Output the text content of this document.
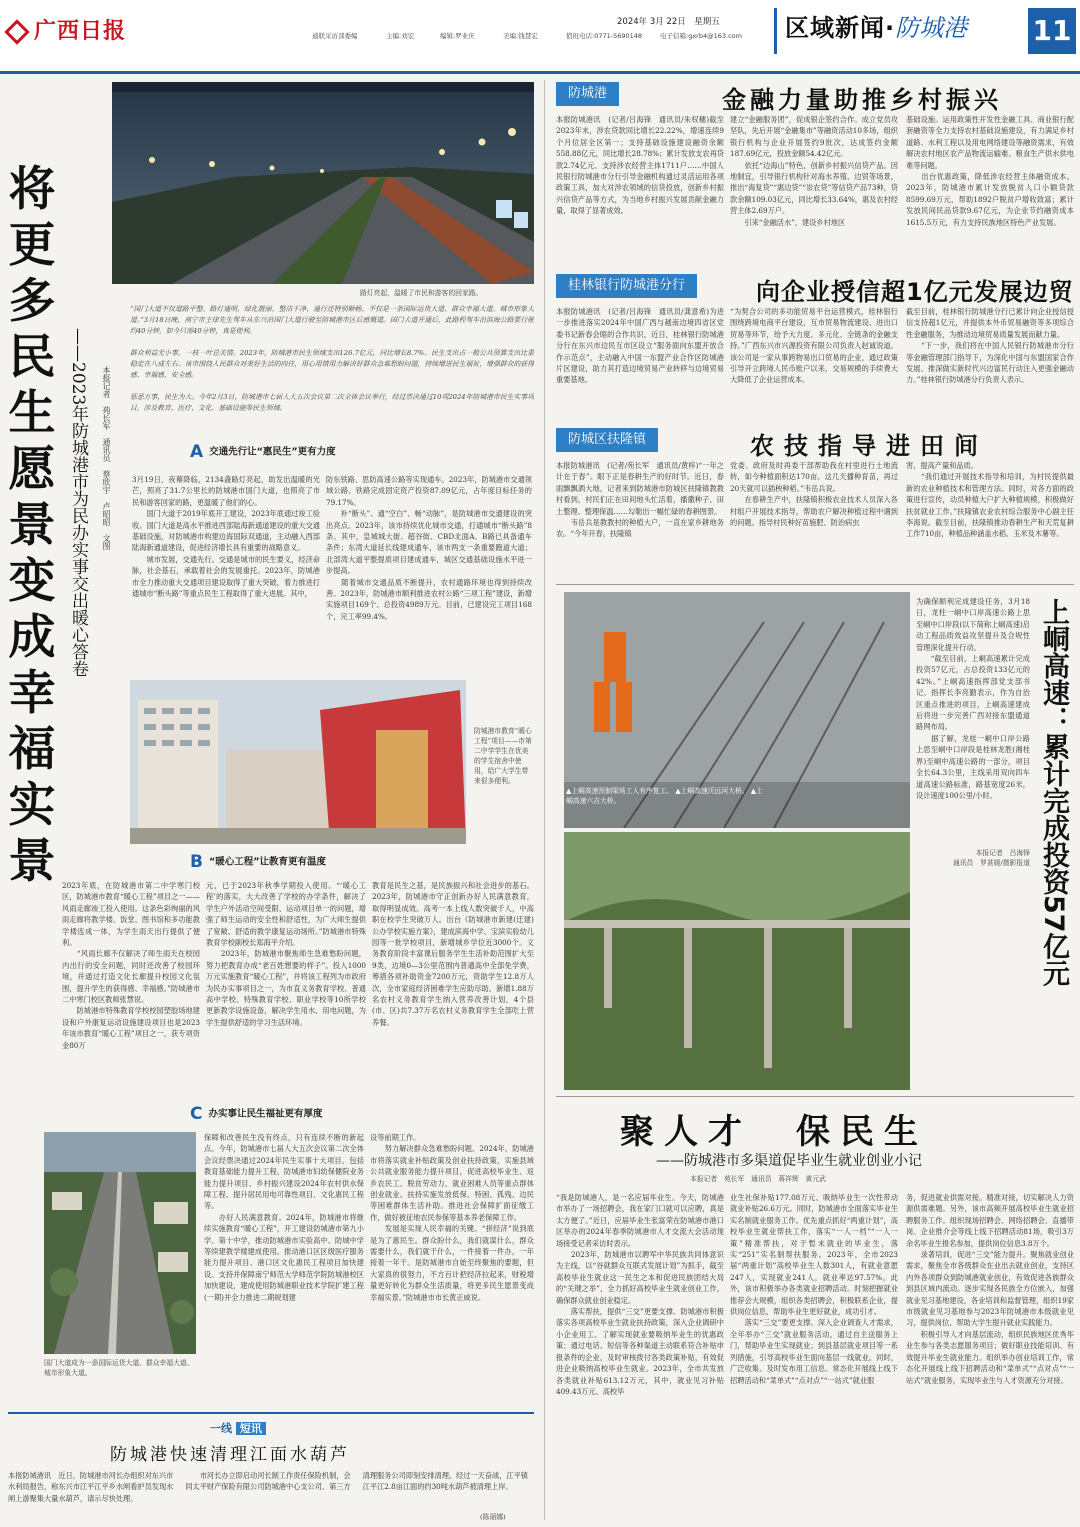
广西日报	通联采访部委编	主编:刘宏	编辑:罗业庆	美编:钱慧宏	值班电话:0771-5690148	电子信箱:gxrb4@163.com
2024年 3月 22日　星期五	区域新闻·防城港	11
将更多民生愿景变成幸福实景
——2023年防城港市为民办实事交出暖心答卷	本报记者　苑长军　通讯员　蔡欣宇　卢昭昭　文图
路灯亮起，温暖了市民和游客的回家路。
“国门大道不仅道路平整、路灯通明、绿化靓丽、整洁干净，通行还特别顺畅。不仅是一条国际运货大道、群众幸福大道、城市形象大道。”3月18日晚，南宁市主律先生驾车从东兴沿国门大道行驶至防城港市区后感慨道。国门大道开通后，此路程驾车沿滨海公路要行驶约40分钟，如今只需40分钟，真是便利。

群众利益无小事，一枝一叶总关情。2023年，防城港市民生领域支出126.7亿元，同比增长8.7%。民生支出占一般公共预算支出比重稳定在八成左右。该市围绕人民群众对美好生活的向往，用心用情用力解决好群众急难愁盼问题，持续增进民生福祉，增强群众的获得感、幸福感、安全感。

惩恶万事，民生为大。今年2月3日，防城港市七届人大五次会议第二次全体会议举行，经过票决通过10项2024年防城港市民生实事项目，涉及教育、医疗、文化、基础设施等民生领域。
A交通先行让“惠民生”更有力度
3月19日，夜幕降临，2134盏路灯亮起，助发出温暖的光芒，照亮了31.7公里长的防城港市国门大道，也照亮了市民和游客回家的路，更温暖了他们的心。
　　国门大道于2019年底开工建设，2023年底通过竣工验收。国门大道是高水平推进西部陆海新通道建设的重大交通基础设施，对防城港市构建边海国际双通道，主动融入西部陆海新通道建设，促进经济增长具有重要的战略意义。
　　城市发展，交通先行。交通是城市的民生要义，经济命脉，社会基石，承载着社会的发展重托。2023年，防城港市全力推动重大交通项目建设取得了重大突破，着力推进打通城市“断头路”等重点民生工程取得了重大进展。其中，
防东铁路、思防高速公路等实现通车。2023年，防城港市交通领域公路、铁路完成固定资产投资87.09亿元，占年度目标任务的79.17%。
　　补“断头”、通“空白”、畅“动脉”，是防城港市交通建设的突出亮点。2023年，该市持续优化城市交通，打通城市“断头路”8条。其中，皇城城大街、超谷街、CBD北面A、B路已具备通车条件；东湾大道延长线建成通车，该市两支一条重要跑道大道；北部湾大道平整提质项目建成通车，城区交通基础设施水平进一步提高。
　　随着城市交通品质不断提升，农村通路环境也得到持续改善。2023年，防城港市顺利推进农村公路“三项工程”建设，新增实施项目169个、总投资4989万元。目前，已建设完工项目168个，完工率99.4%。
防城港市教育“暖心工程”项目——市第二中学学生在优美的学生宿舍中使用，给广大学生带来很多便利。
B “暖心工程”让教育更有温度
2023年底，在防城港市第二中学寒门校区，防城港市教育“暖心工程”项目之一——风雨走廊竣工投入使用。这条色彩绚丽的风雨走廊将教学楼、饭堂、图书馆和多功能教学楼连成一体，为学生雨天出行提供了便利。
　　“风雨长廊不仅解决了师生雨天在校园内出行的安全问题，同时还改善了校园环境，并通过打造文化长廊提升校园文化氛围，提升学生的获得感、幸福感。”防城港市二中寒门校区教师张慧说。
　　防城港市特殊教育学校校园塑胶场地建设和户外康复运动设施建设项目也是2023年该市教育“暖心工程”项目之一，获专项资金80万
元，已于2023年秋季学期投入使用。“‘暖心工程’的落实，大大改善了学校的办学条件，解决了学生户外活动空间受限、运动项目单一的问题，增强了师生运动的安全性和舒适性，为广大师生提供了宽敞、舒适的教学康复运动场所。”防城港市特殊教育学校副校长郑海平介绍。
　　2023年，防城港市聚焦师生急难愁盼问题，努力把教育办成“老百姓想要的样子”。投入1000万元实施教育“暖心工程”，并将该工程列为市政府为民办实事项目之一，为市直义务教育学校、普通高中学校、特殊教育学校、职业学校等10所学校更新教学设施设备，解决学生用水、用电问题，为学生提供舒适的学习生活环境。
教育是民生之基，是民族振兴和社会进步的基石。2023年，防城港市守正创新办好人民满意教育，取得明显成效。高考一本上线人数突破千人，中高职在校学生突破万人。出台《防城港市新建(迁建)公办学校实施方案》，建成滨海中学、宝滨实验幼儿园等一批学校项目，新增城乡学位近3000个。义务教育阶段丰富课后服务学生生活补助范围扩大至9类，边境0—3公里范围内普通高中全部免学费，筹措各项补助资金7200万元，资助学生12.8万人次，全市家庭经济困难学生应助尽助。新增1.88万名农村义务教育学生纳入营养改善计划，4个县(市、区)共7.37万名农村义务教育学生全部吃上营养餐。
C办实事让民生福祉更有厚度
国门大道成为一条国际运货大道、群众幸福大道、城市形象大道。
保障和改善民生没有终点，只有连续不断的新起点。今年，防城港市七届人大五次会议第二次全体会议经票决通过2024年民生实事十大项目，包括教育基础能力提升工程、防城港市妇幼保健院业务能力提升项目、乡村振兴建设2024年农村供水保障工程、提升居民用电可靠性项目、文化惠民工程等。
　　办好人民满意教育。2024年，防城港市将继续实施教育“暖心工程”，开工建设防城港市第九小学、第十中学，推动防城港市实验高中、防城中学等续建教学楼建成使用。推动港口区区级医疗服务能力提升项目、港口区文化惠民工程项目加快建设。支持并保障南宁师范大学师范学院防城港校区加快建设，建成使用防城港职业技术学院扩建工程(一期)并全力推进二期规划建
设等前期工作。
　　努力解决群众急难愁盼问题。2024年，防城港市将落实就业补贴政策及创业扶持政策，实施县域公共就业服务能力提升项目，促进高校毕业生、返乡农民工、脱贫劳动力、就业困难人员等重点群体创业就业。扶持实施发放低保、特困、孤残、边民等困难群体生活补助。推进社会保障扩面征缴工作，做好被征地农民参保等基本养老保障工作。
　　发展是实现人民幸福的关键。“拼经济”说到底是为了惠民生。群众盼什么，我们就谋什么，群众需要什么，我们就干什么，一件接着一件办，一年接着一年干。是防城港市自始至终聚焦的要题，但大家真的很努力，不方百计把经济拉起来，财税增量更好转化为群众生活质量，将更多民生愿景变成幸福实景。”防城港市市长黄正威说。
一线 短讯
防城港快速清理江面水葫芦
本报防城港讯　近日，防城港市河长办组织对东兴市水利局报告，称东兴市江平江平乡水闸看护员发现水闸上游聚集大量水葫芦，请示尽快处理。
　　市河长办立即启动河长制工作责任保险机制，会同太平财产保险有限公司防城港中心支公司、第三方清理服务公司即刻安排清理。经过一天奋战，江平镇江平江2.8亩江面的约30吨水葫芦被清理上岸。
(陈丽娜)
防城港	金融力量助推乡村振兴
本报防城港讯　(记者/吕海锋　通讯员/朱权穗)截至2023年末，涉农贷款同比增长22.22%，增速连续9个月位居全区第一；支持基础设施建设融资余额558.88亿元，同比增长28.78%；累计发放支农再贷款2.74亿元、支持涉农经营主体1711户……中国人民银行防城港市分行引导金融机构通过灵活运用各项政策工具，加大对涉农领域的信贷投放，创新乡村振兴信贷产品等方式，为当地乡村振兴发展贡献金融力量，取得了显著成效。
建立“金融服务团”，促成银企签约合作。成立党员攻坚队，先后开展“金融集市”等融资活动10多场，组织银行机构与企业开展签约9批次，达成签约金额187.69亿元，投放金额54.42亿元。
　　依托“边海山”特色，创新乡村振兴信贷产品。因地制宜，引导银行机构针对海水养殖、边贸等场景，推出“海复贷”“惠边贷”“崇农贷”等信贷产品73种，贷款余额109.03亿元，同比增长33.64%，惠及农村经营主体2.69万户。
　　引来“金融活水”，建设乡村地区
基础设施。运用政策性开发性金融工具、商业银行配套融资等全力支持农村基础设施建设，有力满足乡村道路、水利工程以及用电网络建设等融资需求，有效解决农村地区农产品物流运输难、粮食生产供水供电难等问题。
　　出台优惠政策，降低涉农经营主体融资成本。2023年，防城港市累计发放脱贫人口小额贷款8599.69万元，帮助1892户脱贫户增收致富；累计发放民间民品贷款9.67亿元，为企业节约融资成本1615.5万元，有力支持民族地区特色产业发展。
桂林银行防城港分行	向企业授信超1亿元发展边贸
本报防城港讯　(记者/吕海锋　通讯员/龚意希)为进一步推进落实2024年中国广西与越南边境四省区党委书记新春会晤的合作共识，近日，桂林银行防城港分行在东兴市边民互市区设立“服务面向东盟开放合作示范点”，主动融入中国一东盟产业合作区防城港片区建设，助力其打造边境贸易产业转移与边境贸易重要基地。
“为契合公司的多功能贸易平台运营模式，桂林银行围绕跨境电商平台建设，互市贸易物流建设、进出口贸易等环节，给予大力度、多元化、全链条的金融支持。”广西东兴市兴源投资有限公司负责人赵诚说道。该公司是一家从事跨物易出口贸易的企业，通过政策引导开立跨境人民币账户以来，交易规模的手续费大大降低了企业运营成本。
截至目前，桂林银行防城港分行已累计向企业授信授信支持超1亿元，并提供本外币贸易融资等多项综合性金融服务，为推动边境贸易质量发展而献力量。
　　“下一步，我们将在中国人民银行防城港市分行等金融管理部门指导下，为深化中国与东盟国家合作发展、推深做实新时代兴边富民行动注入更强金融动力。”桂林银行防城港分行负责人表示。
防城区扶隆镇	农技指导进田间
本报防城港讯　(记者/苑长军　通讯员/黄梓)“一年之计在于春”。眼下正是春耕生产的好时节。近日，春雨飘飘洒大地，记者来到防城港市防城区扶隆镇教教村看到，村民们正在田间地头忙活着，播撒种子、田土整理、整理保温……勾勒出一幅忙碌的春耕图景。
　　韦岳兵是教教村的种植大户，一直在家乡耕地务农。“今年开春，扶隆镇
党委、政府及时再委干部帮助我在村里进行土地流转，如今种植面积达170亩。这几天播种育苗，再过20天就可以插秧种稻。”韦岳兵说。
　　在春耕生产中，扶隆镇积极农业技术人员深入各村组户开展技术指导，帮助农户解决种植过程中遇到的问题。指导村民种好苗施肥、防治病虫
害，提高产量和品质。
　　“我们通过开展技术指导和培训，为村民提供最新的农业种植技术和管理方法。同时，对各方面的政策进行宣传，动员种植大户扩大种植规模，积极做好扶贫就业工作。”扶隆镇农业农村综合服务中心副主任李海说。截至目前，扶隆镇推动春耕生产和天荒复耕工作710亩，种植品种涵盖水稻、玉米及木薯等。
▲上峒高速预制梁场工人有序复工。 ▲上峒高速沃远河大桥。 ▲上峒高速六吉大桥。
为确保顺利完成建设任务，3月18日，龙柱一峒中口岸高速公路上思至峒中口岸段(以下简称上峒高速)启动工程品质效益攻坚提升及合规性管理深化提升行动。
　　“截至目前，上峒高速累计完成投资57亿元，占总投资133亿元的42%。”上峒高速指挥部党支部书记、指挥长李亮勤表示，作为自治区重点推进的项目，上峒高速建成后将进一步完善广西对接东盟通道路网布局。
　　据了解，龙桂一峒中口岸公路上思至峒中口岸段是桂林龙胜(湘桂界)至峒中高速公路的一部分，项目全长64.3公里，主线采用双向四车道高速公路标准，路基宽度26米，设计速度100公里/小时。
本报记者　吕海锋
通讯员　罗甚媛/摄影报道 上峒高速：累计完成投资57亿元
聚人才　保民生
——防城港市多渠道促毕业生就业创业小记
本报记者　苑长军　通讯员　蒋祥辉　黄元武
“我是防城港人，是一名应届毕业生。今天，防城港市举办了一场招聘会，我在家门口就可以应聘，真是太方便了。”近日，应届毕业生张富荣在防城港市港口区举办的2024年春季防城港市人才交流大会活动现场接受记者采访时表示。
　　2023年，防城港市以聘军中华民族共同体意识为主线，以“谷就群众互联式发展计划”为抓手，截至高校毕业生就业这一民生之本和促进民族团结大局的“关键之举”，全力抓好高校毕业生就业创业工作，确保群众就业创业稳定。
　　落实帮扶，提供“三交”更要支撑。防城港市积极落实各项高校毕业生就业扶持政策，深入企业调研中小企业用工、了解实现就业要吸纳毕业生的优惠政策；通过电话、短信等各种渠道主动联系符合补贴申报条件的企业，及时审核拨付各类政策补贴，有效促进企业吸纳高校毕业生就业。2023年，全市共发放各类就业补贴613.12万元，其中，就业见习补贴409.43万元、高校毕
业生社保补贴177.08万元、吸纳毕业生一次性带动就业补贴26.6万元。同时，防城港市全面落实毕业生实名制就业服务工作。优先重点抓好“两重计划”，高校毕业生就业帮扶工作，落实“一人一档”“一人一策”精准帮扶，对于暂未就业的毕业生，落实“251”实名制帮扶服务。2023年，全市2023届“两重计划”高校毕业生人数301人，有就业意愿247人，实现就业241人，就业率达97.57%。此外，该市积极举办各类就业招聘活动。时刻把握就业推荐会大规模，组织各类招聘会，积极联系企业，提供岗位信息，帮助毕业生更好就业，成功引才。
　　落实“三交”要更支撑。深入企业调查人才需求，全年举办“三交”就业服务活动，通过自主送服务上门，帮助毕业生实现就业；到县基层就业项目等一系列措施，引导高校毕业生面向基层一线就业。同时，广泛收集、及时发布用工信息。常态化开展线上线下招聘活动和“菜单式”“点对点”“一站式”就业服
务，促进就业供需对接。精准对接，切实解决人力资源供需难题。另外，该市高频开展高校毕业生就业招聘服务工作。组织现场招聘会、网络招聘会、直播带岗、企业推介会等线上线下招聘活动81场，吸引3万余名毕业生报名参加，提供岗位信息3.8万个。
　　录著培训，促进“三交”能力提升。聚焦就业创业需求，聚焦全市各级群众在业出去就业创业，支持区内外各项群众到防城港就业创业，有效促进各族群众到县区域内流动。逐步实现各民族全方位嵌入，加强就业见习基地建设，各业培训和监督管理，组织19家市级就业见习基地参与2023年防城港市本级就业见习，提供岗位，帮助大学生提升就业实践能力。
　　积极引导人才向基层流动，组织民族地区优秀毕业生参与各类志愿服务项目；做好职业技能培训、有效提升毕业生就业能力。组织举办创业培训工作，常态化开展线上线下招聘活动和“菜单式”“点对点”“一站式”就业服务，实现毕业生与人才资源充分对接。
